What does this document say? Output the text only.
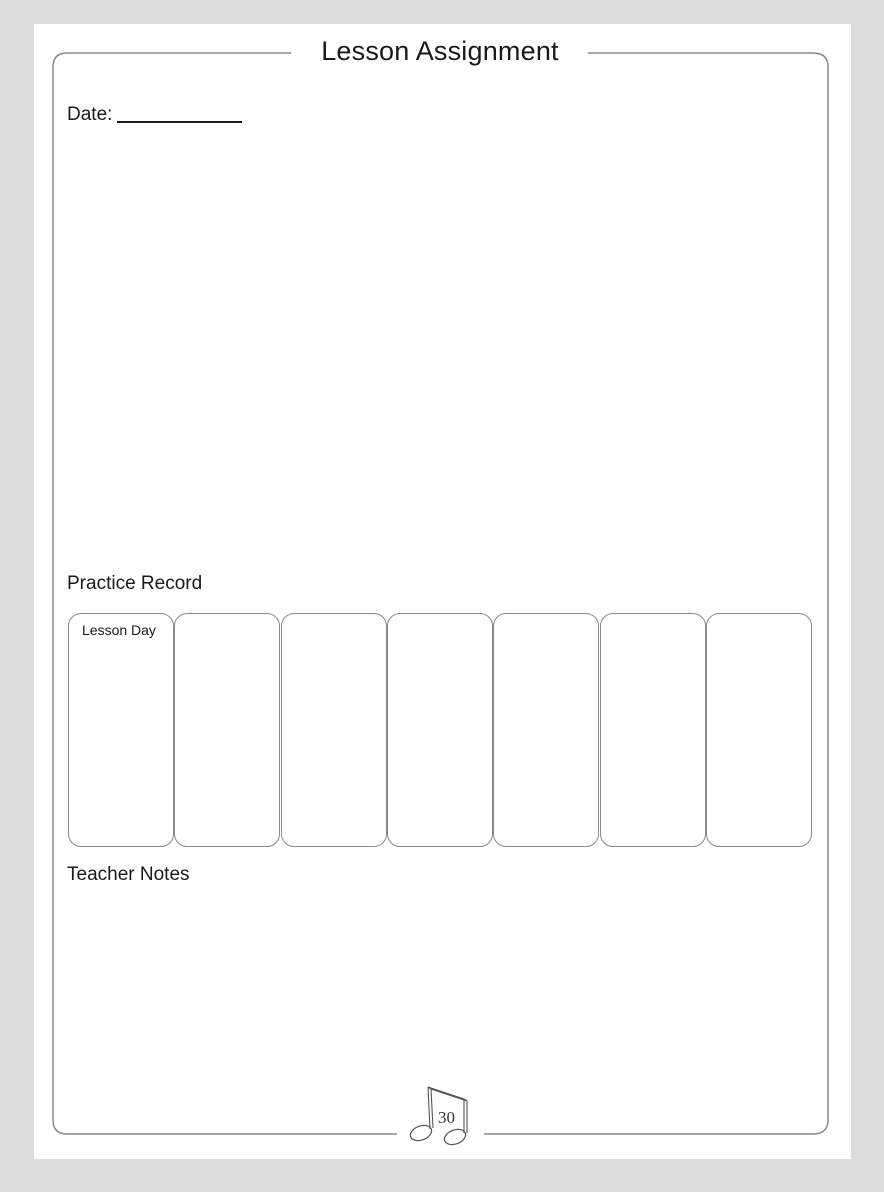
Lesson Assignment
Date:
Practice Record
Lesson Day
Teacher Notes
30
